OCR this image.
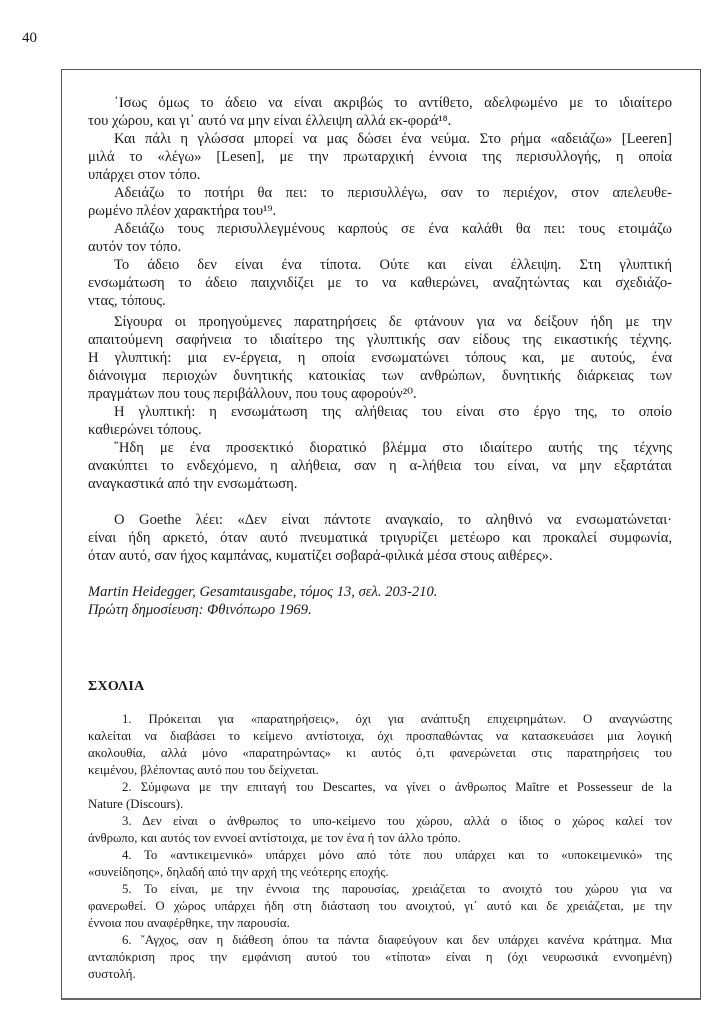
40
῾Ισως όμως το άδειο να είναι ακριβώς το αντίθετο, αδελφωμένο με το ιδιαίτερο
του χώρου, και γι᾽ αυτό να μην είναι έλλειψη αλλά εκ-φορά¹⁸.
Και πάλι η γλώσσα μπορεί να μας δώσει ένα νεύμα. Στο ρήμα «αδειάζω» [Leeren]
μιλά το «λέγω» [Lesen], με την πρωταρχική έννοια της περισυλλογής, η οποία
υπάρχει στον τόπο.
Αδειάζω το ποτήρι θα πει: το περισυλλέγω, σαν το περιέχον, στον απελευθε-
ρωμένο πλέον χαρακτήρα του¹⁹.
Αδειάζω τους περισυλλεγμένους καρπούς σε ένα καλάθι θα πει: τους ετοιμάζω
αυτόν τον τόπο.
Το άδειο δεν είναι ένα τίποτα. Ούτε και είναι έλλειψη. Στη γλυπτική
ενσωμάτωση το άδειο παιχνιδίζει με το να καθιερώνει, αναζητώντας και σχεδιάζο-
ντας, τόπους.
Σίγουρα οι προηγούμενες παρατηρήσεις δε φτάνουν για να δείξουν ήδη με την
απαιτούμενη σαφήνεια το ιδιαίτερο της γλυπτικής σαν είδους της εικαστικής τέχνης.
Η γλυπτική: μια εν-έργεια, η οποία ενσωματώνει τόπους και, με αυτούς, ένα
διάνοιγμα περιοχών δυνητικής κατοικίας των ανθρώπων, δυνητικής διάρκειας των
πραγμάτων που τους περιβάλλουν, που τους αφορούν²⁰.
Η γλυπτική: η ενσωμάτωση της αλήθειας του είναι στο έργο της, το οποίο
καθιερώνει τόπους.
῞Ηδη με ένα προσεκτικό διορατικό βλέμμα στο ιδιαίτερο αυτής της τέχνης
ανακύπτει το ενδεχόμενο, η αλήθεια, σαν η α-λήθεια του είναι, να μην εξαρτάται
αναγκαστικά από την ενσωμάτωση.
Ο Goethe λέει: «Δεν είναι πάντοτε αναγκαίο, το αληθινό να ενσωματώνεται·
είναι ήδη αρκετό, όταν αυτό πνευματικά τριγυρίζει μετέωρο και προκαλεί συμφωνία,
όταν αυτό, σαν ήχος καμπάνας, κυματίζει σοβαρά-φιλικά μέσα στους αιθέρες».
Martin Heidegger, Gesamtausgabe, τόμος 13, σελ. 203-210.
Πρώτη δημοσίευση: Φθινόπωρο 1969.
ΣΧΟΛΙΑ
1. Πρόκειται για «παρατηρήσεις», όχι για ανάπτυξη επιχειρημάτων. Ο αναγνώστης
καλείται να διαβάσει το κείμενο αντίστοιχα, όχι προσπαθώντας να κατασκευάσει μια λογική
ακολουθία, αλλά μόνο «παρατηρώντας» κι αυτός ό,τι φανερώνεται στις παρατηρήσεις του
κειμένου, βλέποντας αυτό που του δείχνεται.
2. Σύμφωνα με την επιταγή του Descartes, να γίνει ο άνθρωπος Maître et Possesseur de la
Nature (Discours).
3. Δεν είναι ο άνθρωπος το υπο-κείμενο του χώρου, αλλά ο ίδιος ο χώρος καλεί τον
άνθρωπο, και αυτός τον εννοεί αντίστοιχα, με τον ένα ή τον άλλο τρόπο.
4. Το «αντικειμενικό» υπάρχει μόνο από τότε που υπάρχει και το «υποκειμενικό» της
«συνείδησης», δηλαδή από την αρχή της νεότερης εποχής.
5. Το είναι, με την έννοια της παρουσίας, χρειάζεται το ανοιχτό του χώρου για να
φανερωθεί. Ο χώρος υπάρχει ήδη στη διάσταση του ανοιχτού, γι᾽ αυτό και δε χρειάζεται, με την
έννοια που αναφέρθηκε, την παρουσία.
6. ῎Αγχος, σαν η διάθεση όπου τα πάντα διαφεύγουν και δεν υπάρχει κανένα κράτημα. Μια
ανταπόκριση προς την εμφάνιση αυτού του «τίποτα» είναι η (όχι νευρωσικά εννοημένη)
συστολή.
